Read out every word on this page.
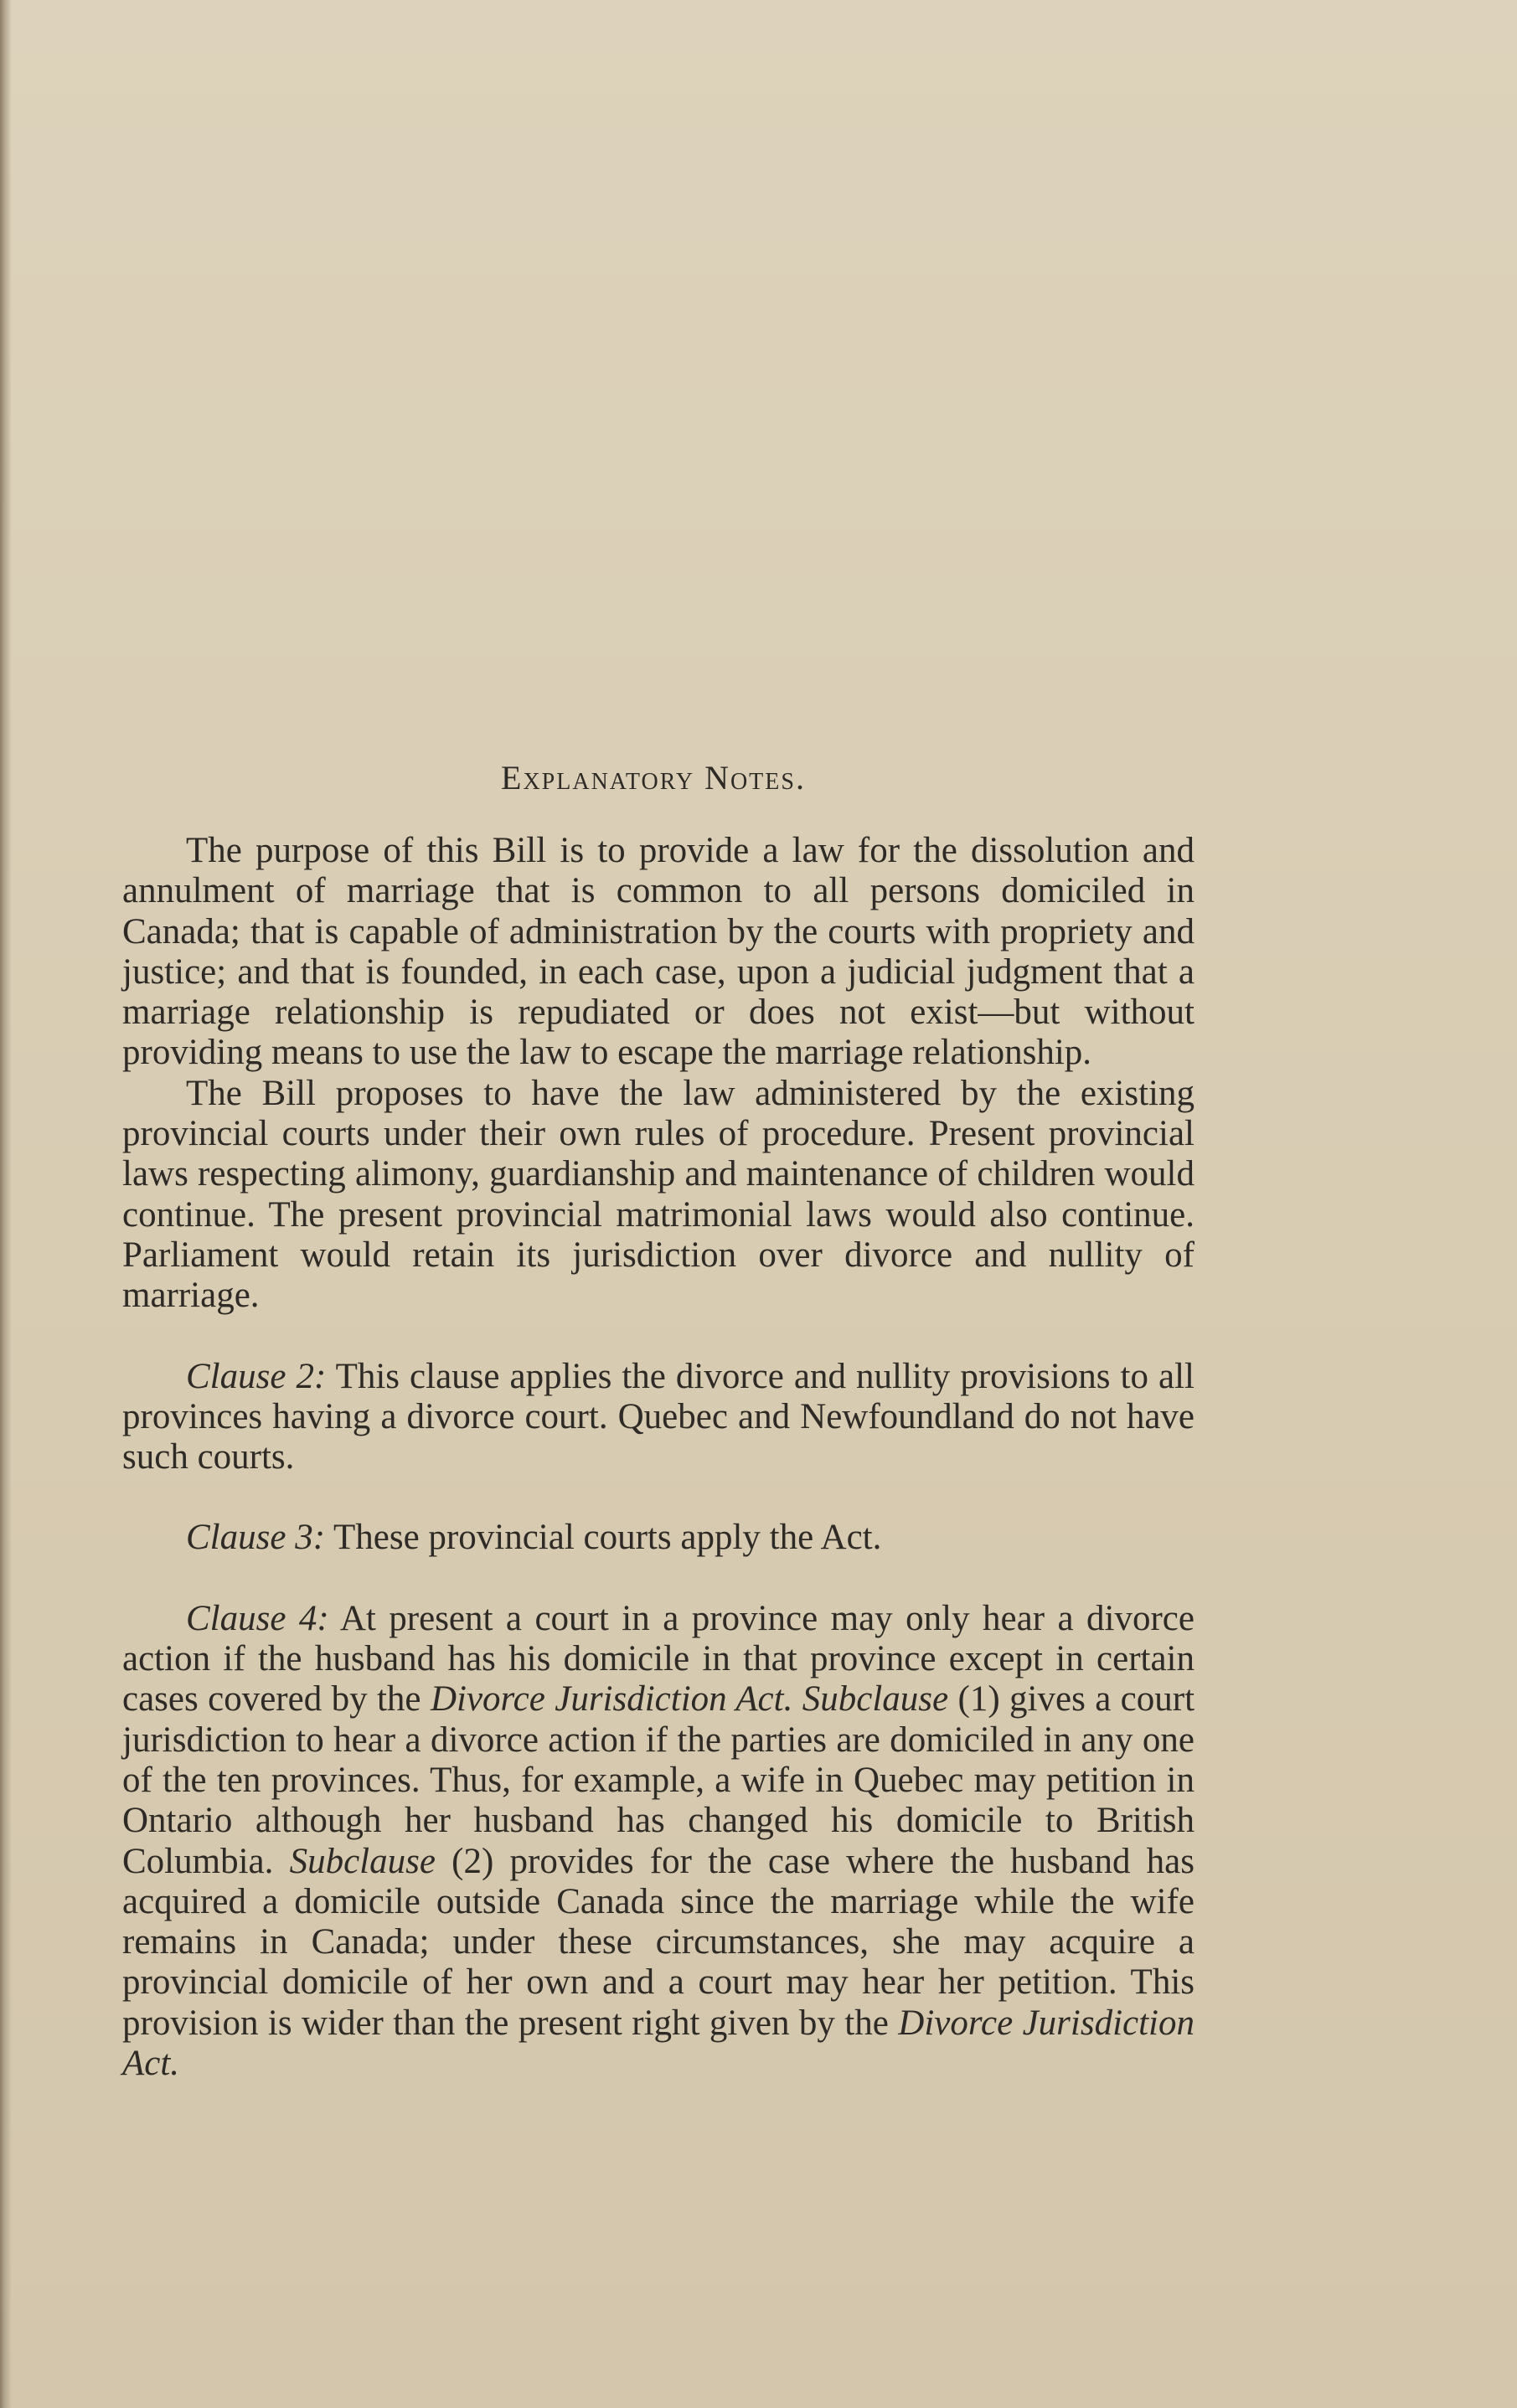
Explanatory Notes.

The purpose of this Bill is to provide a law for the dissolution and annulment of marriage that is common to all persons domiciled in Canada; that is capable of administration by the courts with propriety and justice; and that is founded, in each case, upon a judicial judgment that a marriage relationship is repudiated or does not exist—but without providing means to use the law to escape the marriage relationship.

The Bill proposes to have the law administered by the existing provincial courts under their own rules of procedure. Present provincial laws respecting alimony, guardianship and maintenance of children would continue. The present provincial matrimonial laws would also continue. Parliament would retain its jurisdiction over divorce and nullity of marriage.

Clause 2: This clause applies the divorce and nullity provisions to all provinces having a divorce court. Quebec and Newfoundland do not have such courts.

Clause 3: These provincial courts apply the Act.

Clause 4: At present a court in a province may only hear a divorce action if the husband has his domicile in that province except in certain cases covered by the Divorce Jurisdiction Act. Subclause (1) gives a court jurisdiction to hear a divorce action if the parties are domiciled in any one of the ten provinces. Thus, for example, a wife in Quebec may petition in Ontario although her husband has changed his domicile to British Columbia. Subclause (2) provides for the case where the husband has acquired a domicile outside Canada since the marriage while the wife remains in Canada; under these circumstances, she may acquire a provincial domicile of her own and a court may hear her petition. This provision is wider than the present right given by the Divorce Jurisdiction Act.
